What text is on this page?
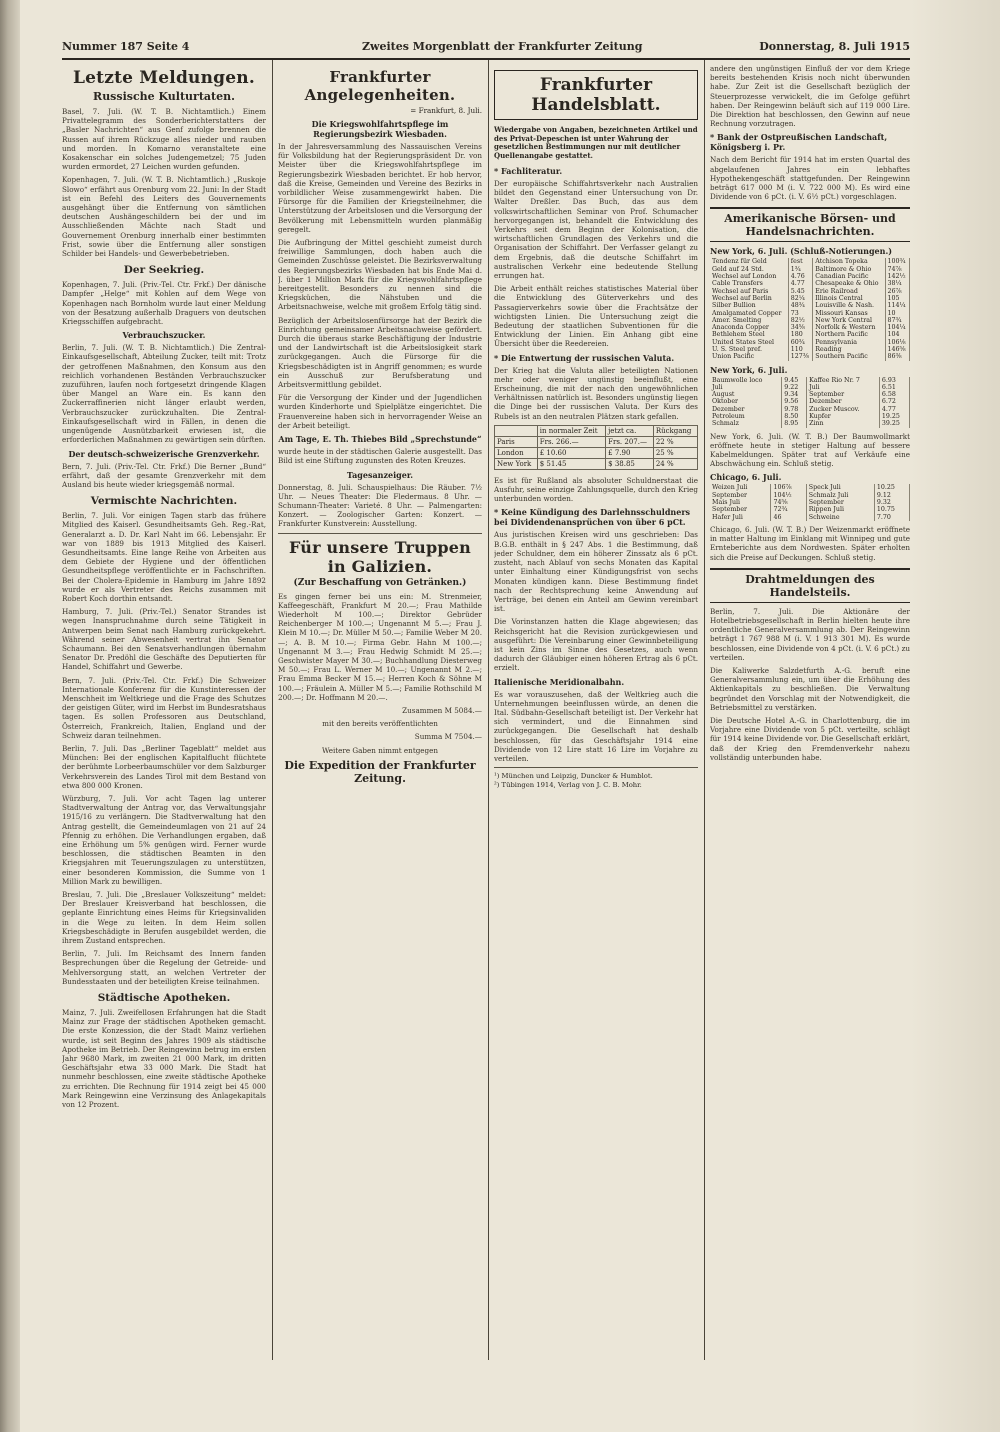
Nummer 187 Seite 4	Zweites Morgenblatt der Frankfurter Zeitung	Donnerstag, 8. Juli 1915
Letzte Meldungen.
Russische Kulturtaten.

Basel, 7. Juli. (W. T. B. Nichtamtlich.) Einem Privattelegramm des Sonderberichterstatters der „Basler Nachrichten“ aus Genf zufolge brennen die Russen auf ihrem Rückzuge alles nieder und rauben und morden. In Komarno veranstaltete eine Kosakenschar ein solches Judengemetzel; 75 Juden wurden ermordet, 27 Leichen wurden gefunden.

Kopenhagen, 7. Juli. (W. T. B. Nichtamtlich.) „Ruskoje Slowo“ erfährt aus Orenburg vom 22. Juni: In der Stadt ist ein Befehl des Leiters des Gouvernements ausgehängt über die Entfernung von sämtlichen deutschen Aushängeschildern bei der und im Ausschließenden Mächte nach Stadt und Gouvernement Orenburg innerhalb einer bestimmten Frist, sowie über die Entfernung aller sonstigen Schilder bei Handels- und Gewerbebetrieben.

Der Seekrieg.

Kopenhagen, 7. Juli. (Priv.-Tel. Ctr. Frkf.) Der dänische Dampfer „Helge“ mit Kohlen auf dem Wege von Kopenhagen nach Bornholm wurde laut einer Meldung von der Besatzung außerhalb Draguers von deutschen Kriegsschiffen aufgebracht.

Verbrauchszucker.

Berlin, 7. Juli. (W. T. B. Nichtamtlich.) Die Zentral-Einkaufsgesellschaft, Abteilung Zucker, teilt mit: Trotz der getroffenen Maßnahmen, den Konsum aus den reichlich vorhandenen Beständen Verbrauchszucker zuzuführen, laufen noch fortgesetzt dringende Klagen über Mangel an Ware ein. Es kann den Zuckerraffinerien nicht länger erlaubt werden, Verbrauchszucker zurückzuhalten. Die Zentral-Einkaufsgesellschaft wird in Fällen, in denen die ungenügende Ausnützbarkeit erwiesen ist, die erforderlichen Maßnahmen zu gewärtigen sein dürften.

Der deutsch-schweizerische Grenzverkehr.

Bern, 7. Juli. (Priv.-Tel. Ctr. Frkf.) Die Berner „Bund“ erfährt, daß der gesamte Grenzverkehr mit dem Ausland bis heute wieder kriegsgemäß normal.

Vermischte Nachrichten.

Berlin, 7. Juli. Vor einigen Tagen starb das frühere Mitglied des Kaiserl. Gesundheitsamts Geh. Reg.-Rat, Generalarzt a. D. Dr. Karl Naht im 66. Lebensjahr. Er war von 1889 bis 1913 Mitglied des Kaiserl. Gesundheitsamts. Eine lange Reihe von Arbeiten aus dem Gebiete der Hygiene und der öffentlichen Gesundheitspflege veröffentlichte er in Fachschriften. Bei der Cholera-Epidemie in Hamburg im Jahre 1892 wurde er als Vertreter des Reichs zusammen mit Robert Koch dorthin entsandt.

Hamburg, 7. Juli. (Priv.-Tel.) Senator Strandes ist wegen Inanspruchnahme durch seine Tätigkeit in Antwerpen beim Senat nach Hamburg zurückgekehrt. Während seiner Abwesenheit vertrat ihn Senator Schaumann. Bei den Senatsverhandlungen übernahm Senator Dr. Predöhl die Geschäfte des Deputierten für Handel, Schiffahrt und Gewerbe.

Bern, 7. Juli. (Priv.-Tel. Ctr. Frkf.) Die Schweizer Internationale Konferenz für die Kunstinteressen der Menschheit im Weltkriege und die Frage des Schutzes der geistigen Güter, wird im Herbst im Bundesratshaus tagen. Es sollen Professoren aus Deutschland, Österreich, Frankreich, Italien, England und der Schweiz daran teilnehmen.

Berlin, 7. Juli. Das „Berliner Tageblatt“ meldet aus München: Bei der englischen Kapitalflucht flüchtete der berühmte Lorbeerbaumschüler vor dem Salzburger Verkehrsverein des Landes Tirol mit dem Bestand von etwa 800 000 Kronen.

Würzburg, 7. Juli. Vor acht Tagen lag unterer Stadtverwaltung der Antrag vor, das Verwaltungsjahr 1915/16 zu verlängern. Die Stadtverwaltung hat den Antrag gestellt, die Gemeindeumlagen von 21 auf 24 Pfennig zu erhöhen. Die Verhandlungen ergaben, daß eine Erhöhung um 5% genügen wird. Ferner wurde beschlossen, die städtischen Beamten in den Kriegsjahren mit Teuerungszulagen zu unterstützen, einer besonderen Kommission, die Summe von 1 Million Mark zu bewilligen.

Breslau, 7. Juli. Die „Breslauer Volkszeitung“ meldet: Der Breslauer Kreisverband hat beschlossen, die geplante Einrichtung eines Heims für Kriegsinvaliden in die Wege zu leiten. In dem Heim sollen Kriegsbeschädigte in Berufen ausgebildet werden, die ihrem Zustand entsprechen.

Berlin, 7. Juli. Im Reichsamt des Innern fanden Besprechungen über die Regelung der Getreide- und Mehlversorgung statt, an welchen Vertreter der Bundesstaaten und der beteiligten Kreise teilnahmen.

Städtische Apotheken.

Mainz, 7. Juli. Zweifellosen Erfahrungen hat die Stadt Mainz zur Frage der städtischen Apotheken gemacht. Die erste Konzession, die der Stadt Mainz verliehen wurde, ist seit Beginn des Jahres 1909 als städtische Apotheke im Betrieb. Der Reingewinn betrug im ersten Jahr 9680 Mark, im zweiten 21 000 Mark, im dritten Geschäftsjahr etwa 33 000 Mark. Die Stadt hat nunmehr beschlossen, eine zweite städtische Apotheke zu errichten. Die Rechnung für 1914 zeigt bei 45 000 Mark Reingewinn eine Verzinsung des Anlagekapitals von 12 Prozent.

Frankfurter Angelegenheiten.
= Frankfurt, 8. Juli.
Die Kriegswohlfahrtspflege im Regierungsbezirk Wiesbaden.

In der Jahresversammlung des Nassauischen Vereins für Volksbildung hat der Regierungspräsident Dr. von Meister über die Kriegswohlfahrtspflege im Regierungsbezirk Wiesbaden berichtet. Er hob hervor, daß die Kreise, Gemeinden und Vereine des Bezirks in vorbildlicher Weise zusammengewirkt haben. Die Fürsorge für die Familien der Kriegsteilnehmer, die Unterstützung der Arbeitslosen und die Versorgung der Bevölkerung mit Lebensmitteln wurden planmäßig geregelt.

Die Aufbringung der Mittel geschieht zumeist durch freiwillige Sammlungen, doch haben auch die Gemeinden Zuschüsse geleistet. Die Bezirksverwaltung des Regierungsbezirks Wiesbaden hat bis Ende Mai d. J. über 1 Million Mark für die Kriegswohlfahrtspflege bereitgestellt. Besonders zu nennen sind die Kriegsküchen, die Nähstuben und die Arbeitsnachweise, welche mit großem Erfolg tätig sind.

Bezüglich der Arbeitslosenfürsorge hat der Bezirk die Einrichtung gemeinsamer Arbeitsnachweise gefördert. Durch die überaus starke Beschäftigung der Industrie und der Landwirtschaft ist die Arbeitslosigkeit stark zurückgegangen. Auch die Fürsorge für die Kriegsbeschädigten ist in Angriff genommen; es wurde ein Ausschuß zur Berufsberatung und Arbeitsvermittlung gebildet.

Für die Versorgung der Kinder und der Jugendlichen wurden Kinderhorte und Spielplätze eingerichtet. Die Frauenvereine haben sich in hervorragender Weise an der Arbeit beteiligt.

Am Tage, E. Th. Thiebes Bild „Sprechstunde“

wurde heute in der städtischen Galerie ausgestellt. Das Bild ist eine Stiftung zugunsten des Roten Kreuzes.

Tagesanzeiger.

Donnerstag, 8. Juli. Schauspielhaus: Die Räuber. 7½ Uhr. — Neues Theater: Die Fledermaus. 8 Uhr. — Schumann-Theater: Varieté. 8 Uhr. — Palmengarten: Konzert. — Zoologischer Garten: Konzert. — Frankfurter Kunstverein: Ausstellung.

Für unsere Truppen in Galizien.
(Zur Beschaffung von Getränken.)

Es gingen ferner bei uns ein: M. Strenmeier, Kaffeegeschäft, Frankfurt M 20.—; Frau Mathilde Wiederholt M 100.—; Direktor Gebrüder Reichenberger M 100.—; Ungenannt M 5.—; Frau J. Klein M 10.—; Dr. Müller M 50.—; Familie Weber M 20.—; A. B. M 10.—; Firma Gebr. Hahn M 100.—; Ungenannt M 3.—; Frau Hedwig Schmidt M 25.—; Geschwister Mayer M 30.—; Buchhandlung Diesterweg M 50.—; Frau L. Werner M 10.—; Ungenannt M 2.—; Frau Emma Becker M 15.—; Herren Koch & Söhne M 100.—; Fräulein A. Müller M 5.—; Familie Rothschild M 200.—; Dr. Hoffmann M 20.—.

Zusammen M 5084.—
mit den bereits veröffentlichten
Summa M 7504.—
Weitere Gaben nimmt entgegen
Die Expedition der Frankfurter Zeitung.
Frankfurter Handelsblatt.
Wiedergabe von Angaben, bezeichneten Artikel und des Privat-Depeschen ist unter Wahrung der gesetzlichen Bestimmungen nur mit deutlicher Quellenangabe gestattet.
* Fachliteratur.

Der europäische Schiffahrtsverkehr nach Australien bildet den Gegenstand einer Untersuchung von Dr. Walter Dreßler. Das Buch, das aus dem volkswirtschaftlichen Seminar von Prof. Schumacher hervorgegangen ist, behandelt die Entwicklung des Verkehrs seit dem Beginn der Kolonisation, die wirtschaftlichen Grundlagen des Verkehrs und die Organisation der Schiffahrt. Der Verfasser gelangt zu dem Ergebnis, daß die deutsche Schiffahrt im australischen Verkehr eine bedeutende Stellung errungen hat.

Die Arbeit enthält reiches statistisches Material über die Entwicklung des Güterverkehrs und des Passagierverkehrs sowie über die Frachtsätze der wichtigsten Linien. Die Untersuchung zeigt die Bedeutung der staatlichen Subventionen für die Entwicklung der Linien. Ein Anhang gibt eine Übersicht über die Reedereien.

* Die Entwertung der russischen Valuta.

Der Krieg hat die Valuta aller beteiligten Nationen mehr oder weniger ungünstig beeinflußt, eine Erscheinung, die mit der nach den ungewöhnlichen Verhältnissen natürlich ist. Besonders ungünstig liegen die Dinge bei der russischen Valuta. Der Kurs des Rubels ist an den neutralen Plätzen stark gefallen.

	in normaler Zeit	jetzt ca.	Rückgang
Paris	Frs. 266.—	Frs. 207.—	22 %
London	£ 10.60	£ 7.90	25 %
New York	$ 51.45	$ 38.85	24 %

Es ist für Rußland als absoluter Schuldnerstaat die Ausfuhr, seine einzige Zahlungsquelle, durch den Krieg unterbunden worden.

* Keine Kündigung des Darlehnsschuldners bei Dividendenansprüchen von über 6 pCt.

Aus juristischen Kreisen wird uns geschrieben: Das B.G.B. enthält in § 247 Abs. 1 die Bestimmung, daß jeder Schuldner, dem ein höherer Zinssatz als 6 pCt. zusteht, nach Ablauf von sechs Monaten das Kapital unter Einhaltung einer Kündigungsfrist von sechs Monaten kündigen kann. Diese Bestimmung findet nach der Rechtsprechung keine Anwendung auf Verträge, bei denen ein Anteil am Gewinn vereinbart ist.

Die Vorinstanzen hatten die Klage abgewiesen; das Reichsgericht hat die Revision zurückgewiesen und ausgeführt: Die Vereinbarung einer Gewinnbeteiligung ist kein Zins im Sinne des Gesetzes, auch wenn dadurch der Gläubiger einen höheren Ertrag als 6 pCt. erzielt.

Italienische Meridionalbahn.

Es war vorauszusehen, daß der Weltkrieg auch die Unternehmungen beeinflussen würde, an denen die Ital. Südbahn-Gesellschaft beteiligt ist. Der Verkehr hat sich vermindert, und die Einnahmen sind zurückgegangen. Die Gesellschaft hat deshalb beschlossen, für das Geschäftsjahr 1914 eine Dividende von 12 Lire statt 16 Lire im Vorjahre zu verteilen.

¹) München und Leipzig, Duncker & Humblot.

²) Tübingen 1914, Verlag von J. C. B. Mohr.

andere den ungünstigen Einfluß der vor dem Kriege bereits bestehenden Krisis noch nicht überwunden habe. Zur Zeit ist die Gesellschaft bezüglich der Steuerprozesse verwickelt, die im Gefolge geführt haben. Der Reingewinn beläuft sich auf 119 000 Lire. Die Direktion hat beschlossen, den Gewinn auf neue Rechnung vorzutragen.

* Bank der Ostpreußischen Landschaft, Königsberg i. Pr.

Nach dem Bericht für 1914 hat im ersten Quartal des abgelaufenen Jahres ein lebhaftes Hypothekengeschäft stattgefunden. Der Reingewinn beträgt 617 000 M (i. V. 722 000 M). Es wird eine Dividende von 6 pCt. (i. V. 6½ pCt.) vorgeschlagen.

Amerikanische Börsen- und Handelsnachrichten.
New York, 6. Juli. (Schluß-Notierungen.)
Tendenz für Geld	fest	Atchison Topeka	100¾
Geld auf 24 Std.	1¾	Baltimore & Ohio	74⅞
Wechsel auf London	4.76	Canadian Pacific	142½
Cable Transfers	4.77	Chesapeake & Ohio	38¼
Wechsel auf Paris	5.45	Erie Railroad	26⅞
Wechsel auf Berlin	82¼	Illinois Central	105
Silber Bullion	48¾	Louisville & Nash.	114¼
Amalgamated Copper	73	Missouri Kansas	10
Amer. Smelting	82½	New York Central	87¾
Anaconda Copper	34⅝	Norfolk & Western	104¼
Bethlehem Steel	180	Northern Pacific	104
United States Steel	60¾	Pennsylvania	106⅛
U. S. Steel pref.	110	Reading	146⅝
Union Pacific	127⅜	Southern Pacific	86⅜
New York, 6. Juli.
Baumwolle loco	9.45	Kaffee Rio Nr. 7	6.93
Juli	9.22	Juli	6.51
August	9.34	September	6.58
Oktober	9.56	Dezember	6.72
Dezember	9.78	Zucker Muscov.	4.77
Petroleum	8.50	Kupfer	19.25
Schmalz	8.95	Zinn	39.25

New York, 6. Juli. (W. T. B.) Der Baumwollmarkt eröffnete heute in stetiger Haltung auf bessere Kabelmeldungen. Später trat auf Verkäufe eine Abschwächung ein. Schluß stetig.

Chicago, 6. Juli.
Weizen Juli	106⅞	Speck Juli	10.25
September	104½	Schmalz Juli	9.12
Mais Juli	74⅝	September	9.32
September	72¾	Rippen Juli	10.75
Hafer Juli	46	Schweine	7.70

Chicago, 6. Juli. (W. T. B.) Der Weizenmarkt eröffnete in matter Haltung im Einklang mit Winnipeg und gute Ernteberichte aus dem Nordwesten. Später erholten sich die Preise auf Deckungen. Schluß stetig.

Drahtmeldungen des Handelsteils.

Berlin, 7. Juli. Die Aktionäre der Hotelbetriebsgesellschaft in Berlin hielten heute ihre ordentliche Generalversammlung ab. Der Reingewinn beträgt 1 767 988 M (i. V. 1 913 301 M). Es wurde beschlossen, eine Dividende von 4 pCt. (i. V. 6 pCt.) zu verteilen.

Die Kaliwerke Salzdetfurth A.-G. beruft eine Generalversammlung ein, um über die Erhöhung des Aktienkapitals zu beschließen. Die Verwaltung begründet den Vorschlag mit der Notwendigkeit, die Betriebsmittel zu verstärken.

Die Deutsche Hotel A.-G. in Charlottenburg, die im Vorjahre eine Dividende von 5 pCt. verteilte, schlägt für 1914 keine Dividende vor. Die Gesellschaft erklärt, daß der Krieg den Fremdenverkehr nahezu vollständig unterbunden habe.
